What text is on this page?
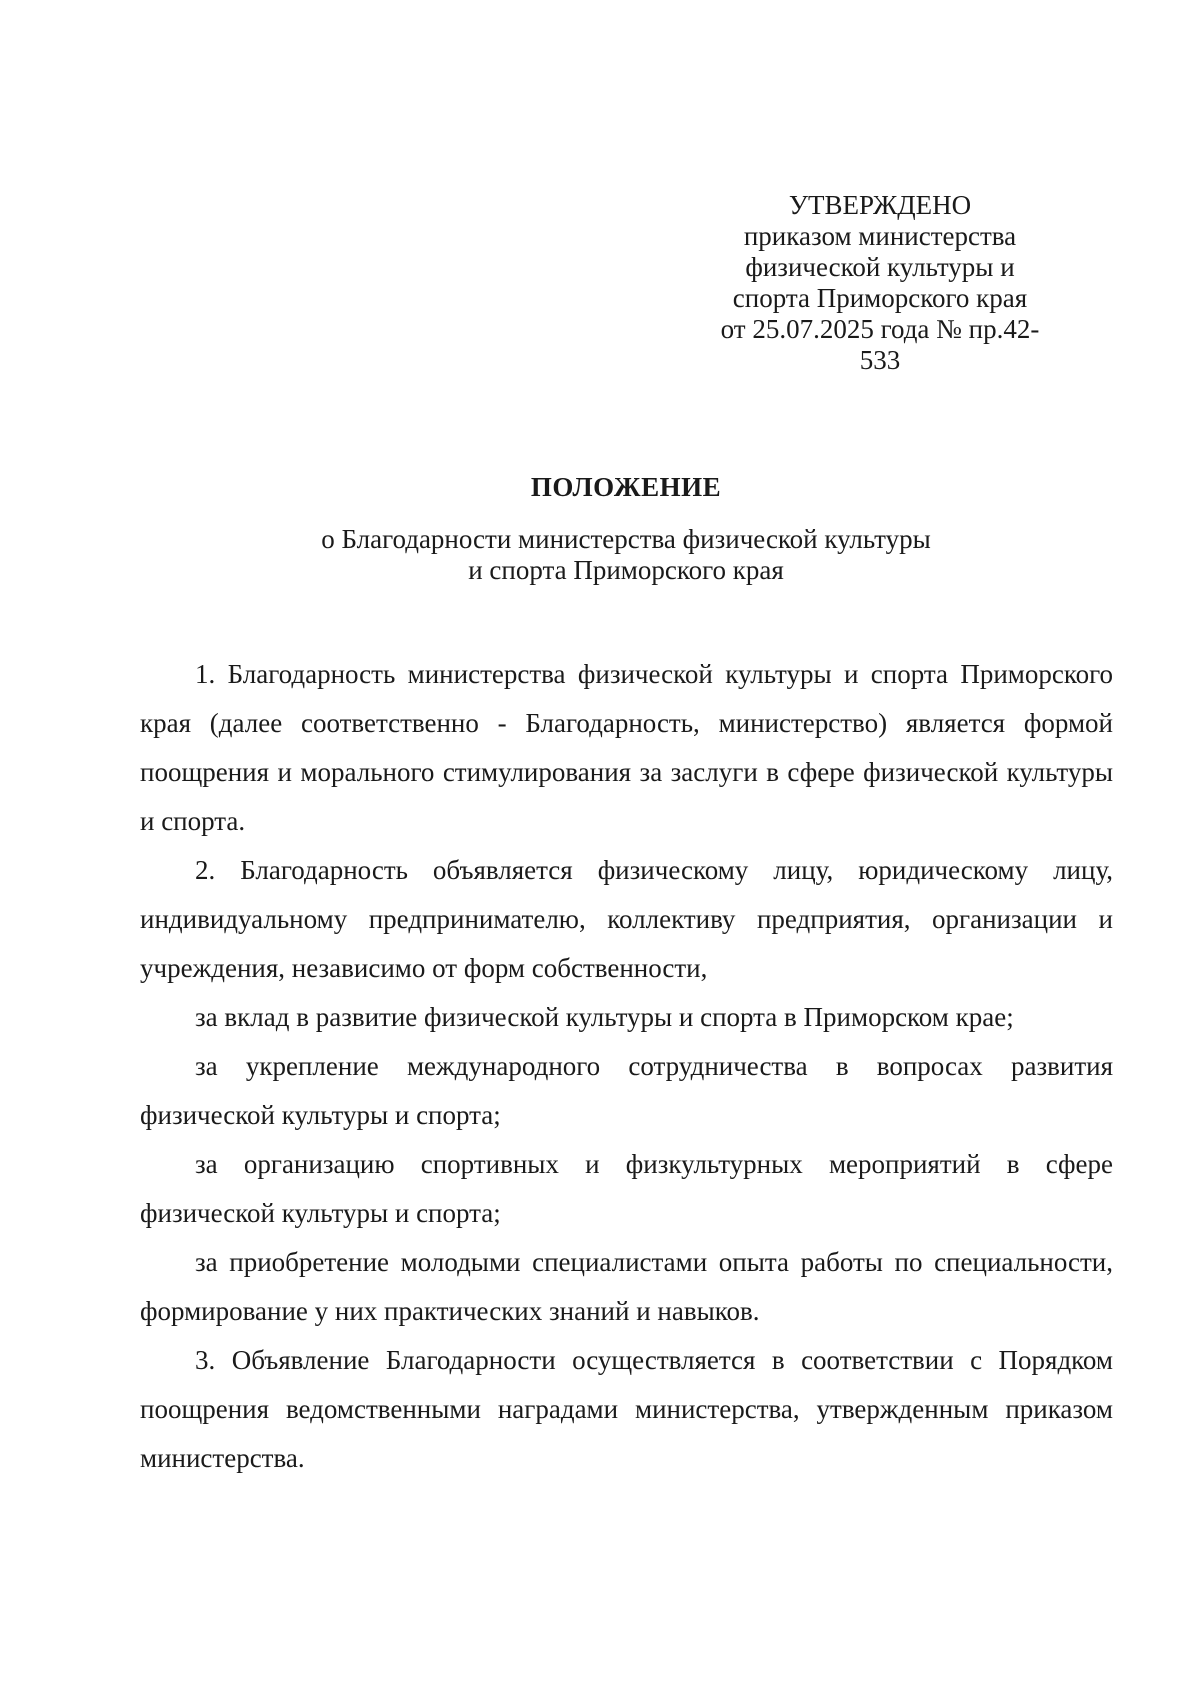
УТВЕРЖДЕНО
приказом министерства
физической культуры и
спорта Приморского края
от 25.07.2025 года № пр.42-
533
ПОЛОЖЕНИЕ
о Благодарности министерства физической культуры
и спорта Приморского края

1. Благодарность министерства физической культуры и спорта Приморского края (далее соответственно - Благодарность, министерство) является формой поощрения и морального стимулирования за заслуги в сфере физической культуры и спорта.

2. Благодарность объявляется физическому лицу, юридическому лицу, индивидуальному предпринимателю, коллективу предприятия, организации и учреждения, независимо от форм собственности,

за вклад в развитие физической культуры и спорта в Приморском крае;

за укрепление международного сотрудничества в вопросах развития физической культуры и спорта;

за организацию спортивных и физкультурных мероприятий в сфере физической культуры и спорта;

за приобретение молодыми специалистами опыта работы по специальности, формирование у них практических знаний и навыков.

3. Объявление Благодарности осуществляется в соответствии с Порядком поощрения ведомственными наградами министерства, утвержденным приказом министерства.
